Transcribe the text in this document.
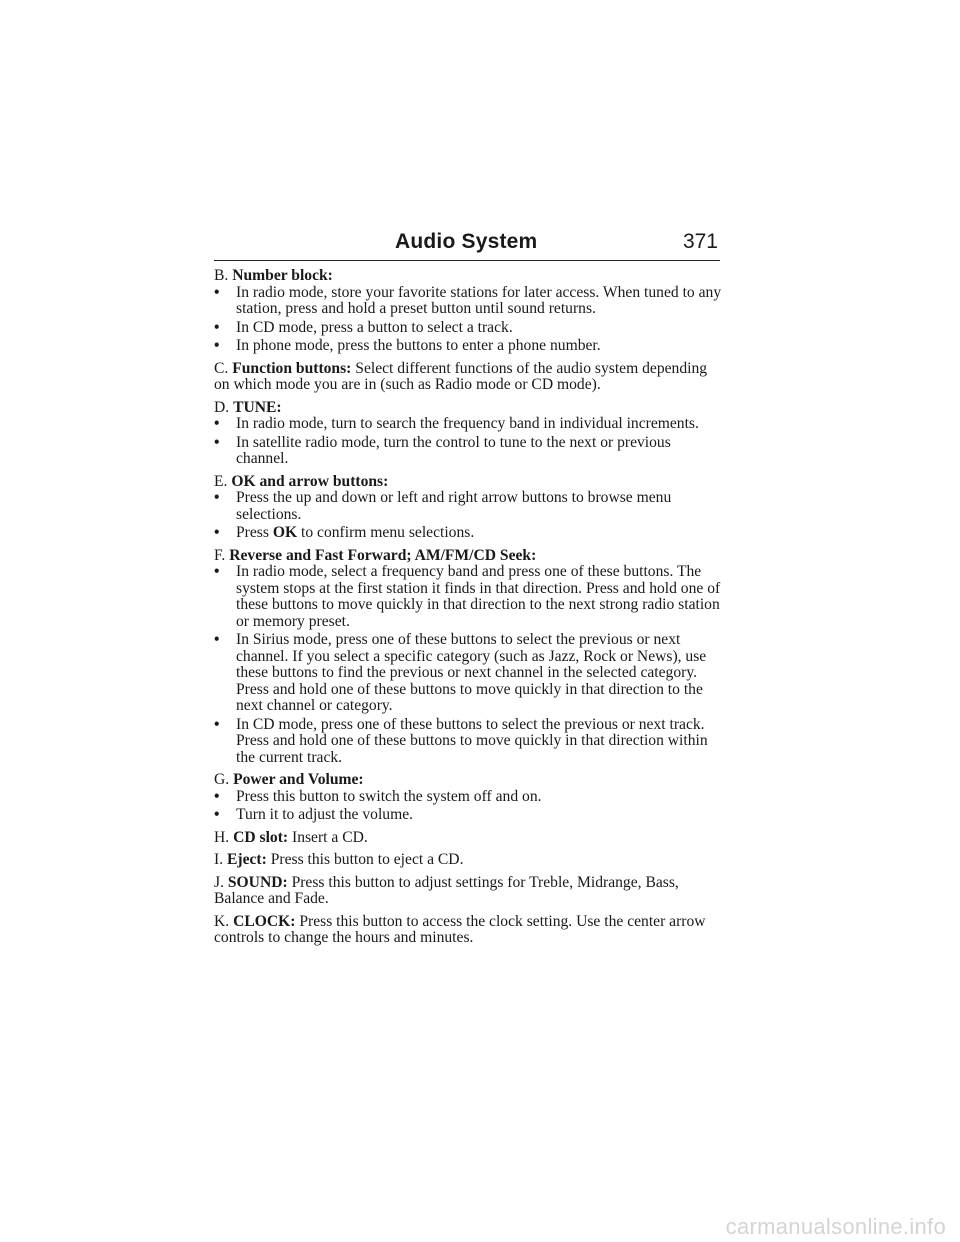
Audio System	371

B. Number block:

• In radio mode, store your favorite stations for later access. When tuned to any station, press and hold a preset button until sound returns.
• In CD mode, press a button to select a track.
• In phone mode, press the buttons to enter a phone number.

C. Function buttons: Select different functions of the audio system depending on which mode you are in (such as Radio mode or CD mode).

D. TUNE:

• In radio mode, turn to search the frequency band in individual increments.
• In satellite radio mode, turn the control to tune to the next or previous channel.

E. OK and arrow buttons:

• Press the up and down or left and right arrow buttons to browse menu selections.
• Press OK to confirm menu selections.

F. Reverse and Fast Forward; AM/FM/CD Seek:

• In radio mode, select a frequency band and press one of these buttons. The system stops at the first station it finds in that direction. Press and hold one of these buttons to move quickly in that direction to the next strong radio station or memory preset.
• In Sirius mode, press one of these buttons to select the previous or next channel. If you select a specific category (such as Jazz, Rock or News), use these buttons to find the previous or next channel in the selected category. Press and hold one of these buttons to move quickly in that direction to the next channel or category.
• In CD mode, press one of these buttons to select the previous or next track. Press and hold one of these buttons to move quickly in that direction within the current track.

G. Power and Volume:

• Press this button to switch the system off and on.
• Turn it to adjust the volume.

H. CD slot: Insert a CD.

I. Eject: Press this button to eject a CD.

J. SOUND: Press this button to adjust settings for Treble, Midrange, Bass, Balance and Fade.

K. CLOCK: Press this button to access the clock setting. Use the center arrow controls to change the hours and minutes.

carmanualsonline.info
